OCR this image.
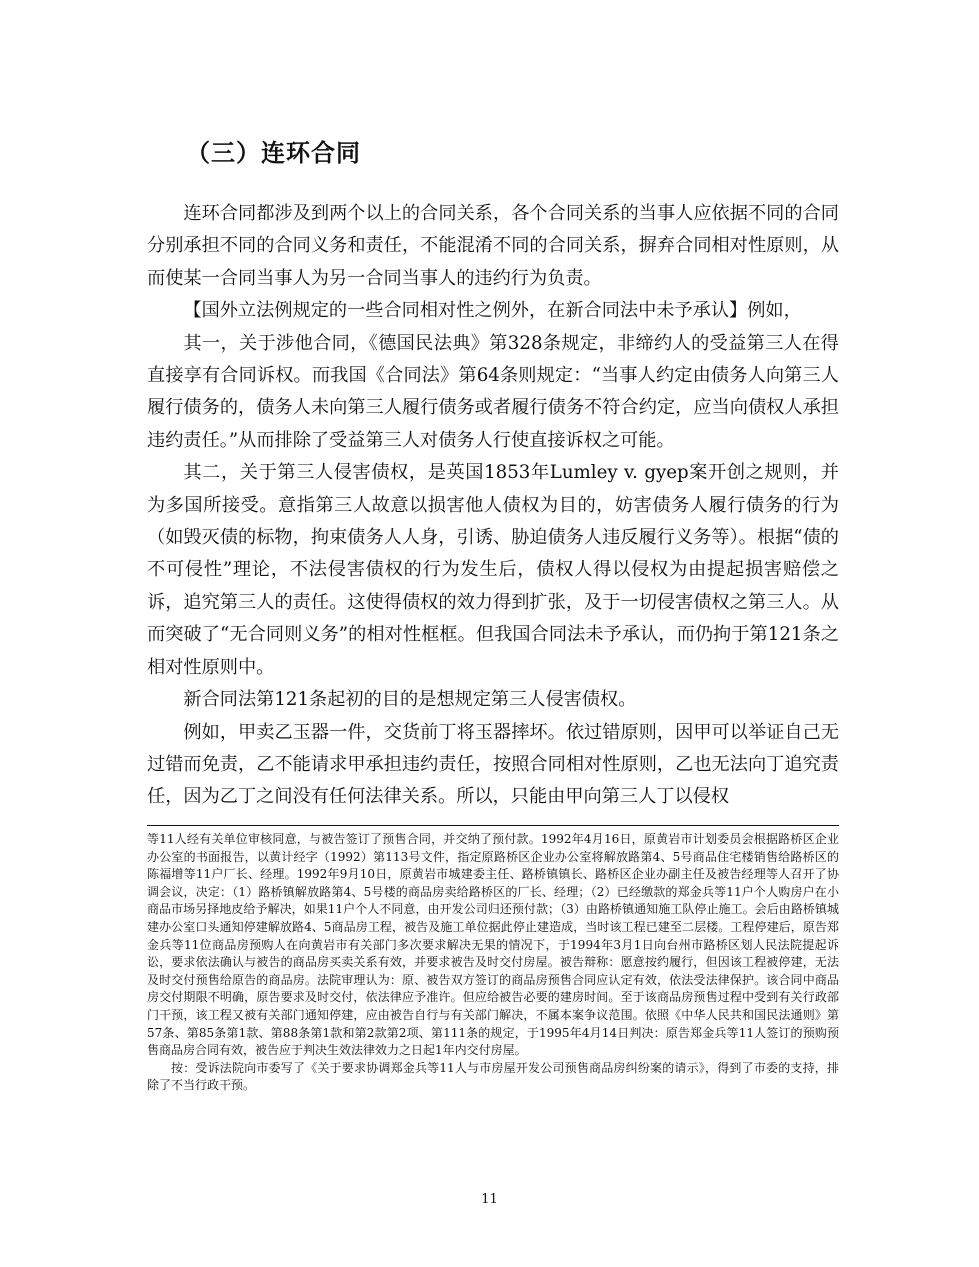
（三）连环合同

连环合同都涉及到两个以上的合同关系，各个合同关系的当事人应依据不同的合同分别承担不同的合同义务和责任，不能混淆不同的合同关系，摒弃合同相对性原则，从而使某一合同当事人为另一合同当事人的违约行为负责。

【国外立法例规定的一些合同相对性之例外，在新合同法中未予承认】例如，

其一，关于涉他合同，《德国民法典》第328条规定，非缔约人的受益第三人在得直接享有合同诉权。而我国《合同法》第64条则规定：“当事人约定由债务人向第三人履行债务的，债务人未向第三人履行债务或者履行债务不符合约定，应当向债权人承担违约责任。”从而排除了受益第三人对债务人行使直接诉权之可能。

其二，关于第三人侵害债权，是英国1853年Lumley v. gyep案开创之规则，并为多国所接受。意指第三人故意以损害他人债权为目的，妨害债务人履行债务的行为（如毁灭债的标物，拘束债务人人身，引诱、胁迫债务人违反履行义务等）。根据“债的不可侵性”理论，不法侵害债权的行为发生后，债权人得以侵权为由提起损害赔偿之诉，追究第三人的责任。这使得债权的效力得到扩张，及于一切侵害债权之第三人。从而突破了“无合同则义务”的相对性框框。但我国合同法未予承认，而仍拘于第121条之相对性原则中。

新合同法第121条起初的目的是想规定第三人侵害债权。

例如，甲卖乙玉器一件，交货前丁将玉器摔坏。依过错原则，因甲可以举证自己无过错而免责，乙不能请求甲承担违约责任，按照合同相对性原则，乙也无法向丁追究责任，因为乙丁之间没有任何法律关系。所以，只能由甲向第三人丁以侵权

等11人经有关单位审核同意，与被告签订了预售合同，并交纳了预付款。1992年4月16日，原黄岩市计划委员会根据路桥区企业办公室的书面报告，以黄计经字（1992）第113号文件，指定原路桥区企业办公室将解放路第4、5号商品住宅楼销售给路桥区的陈福增等11户厂长、经理。1992年9月10日，原黄岩市城建委主任、路桥镇镇长、路桥区企业办副主任及被告经理等人召开了协调会议，决定：（1）路桥镇解放路第4、5号楼的商品房卖给路桥区的厂长、经理；（2）已经缴款的郑金兵等11户个人购房户在小商品市场另择地皮给予解决，如果11户个人不同意，由开发公司归还预付款；（3）由路桥镇通知施工队停止施工。会后由路桥镇城建办公室口头通知停建解放路4、5商品房工程，被告及施工单位据此停止建造成，当时该工程已建至二层楼。工程停建后，原告郑金兵等11位商品房预购人在向黄岩市有关部门多次要求解决无果的情况下，于1994年3月1日向台州市路桥区划人民法院提起诉讼，要求依法确认与被告的商品房买卖关系有效，并要求被告及时交付房屋。被告辩称：愿意按约履行，但因该工程被停建，无法及时交付预售给原告的商品房。法院审理认为：原、被告双方签订的商品房预售合同应认定有效，依法受法律保护。该合同中商品房交付期限不明确，原告要求及时交付，依法律应予准许。但应给被告必要的建房时间。至于该商品房预售过程中受到有关行政部门干预，该工程又被有关部门通知停建，应由被告自行与有关部门解决，不属本案争议范围。依照《中华人民共和国民法通则》第57条、第85条第1款、第88条第1款和第2款第2项、第111条的规定，于1995年4月14日判决：原告郑金兵等11人签订的预购预售商品房合同有效，被告应于判决生效法律效力之日起1年内交付房屋。

按：受诉法院向市委写了《关于要求协调郑金兵等11人与市房屋开发公司预售商品房纠纷案的请示》，得到了市委的支持，排除了不当行政干预。

11
